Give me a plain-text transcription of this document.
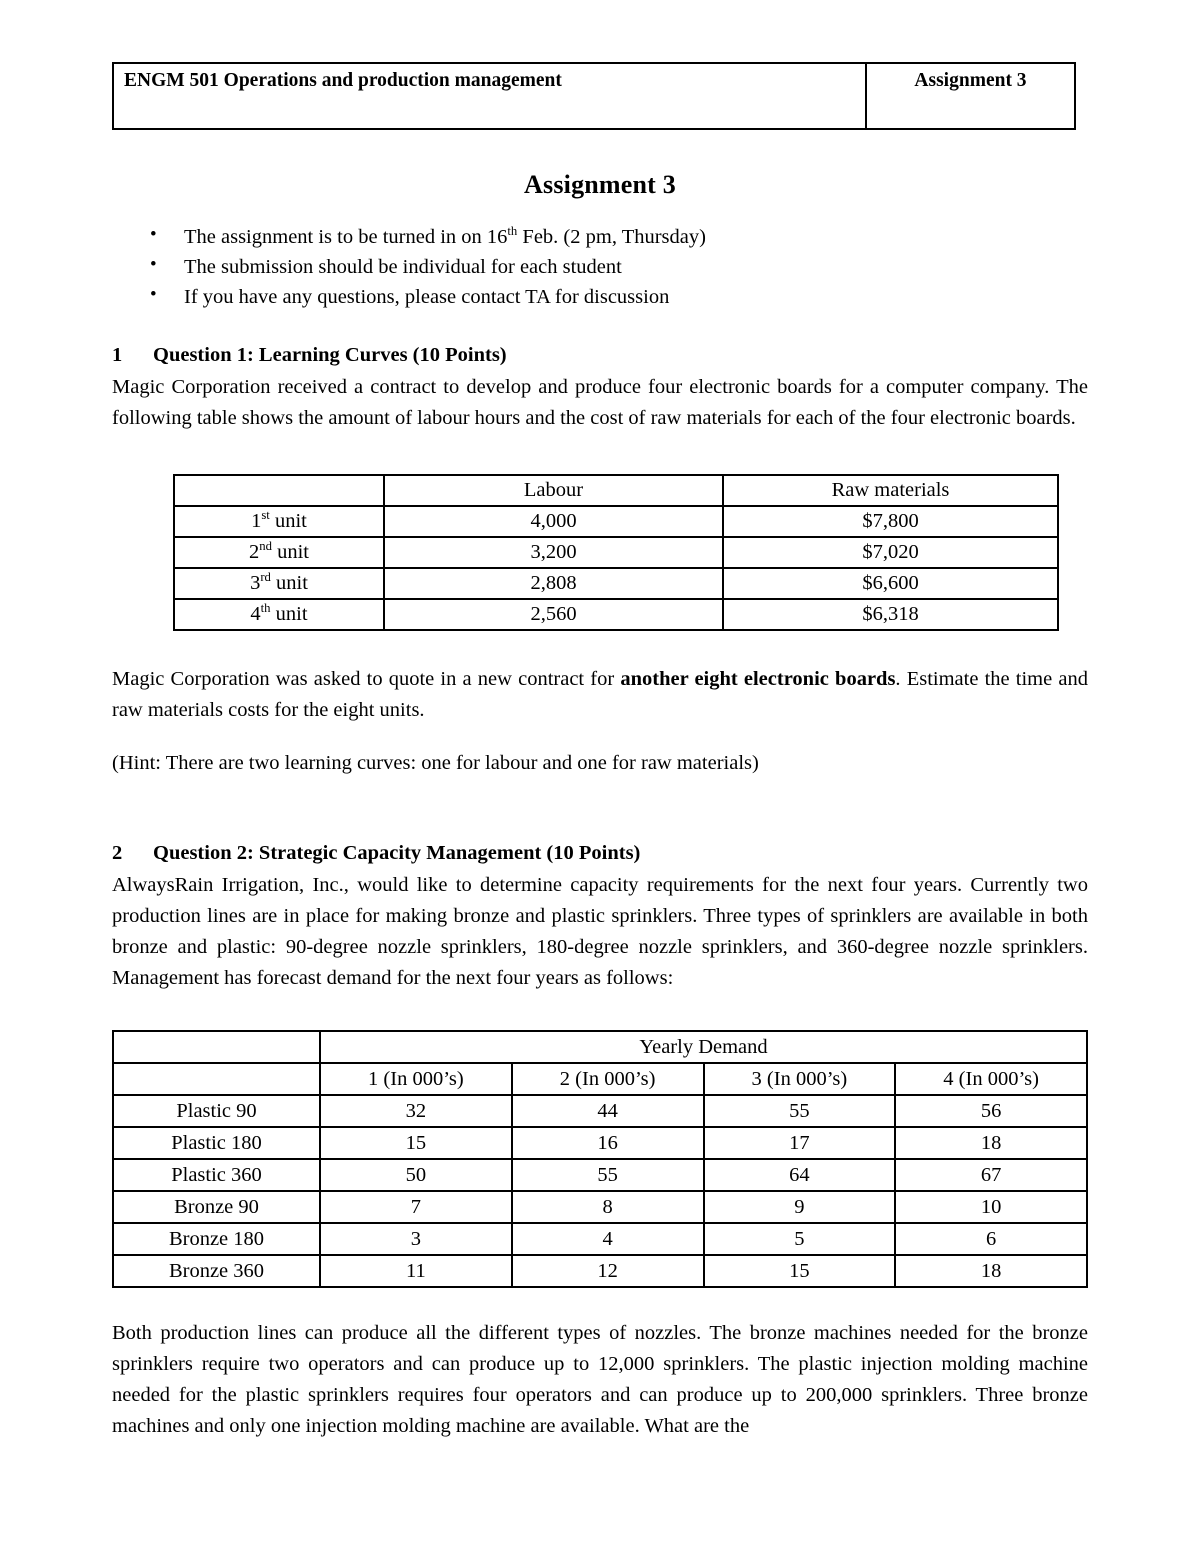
ENGM 501 Operations and production management	Assignment 3
Assignment 3
• The assignment is to be turned in on 16th Feb. (2 pm, Thursday)
• The submission should be individual for each student
• If you have any questions, please contact TA for discussion
1 Question 1: Learning Curves (10 Points)

Magic Corporation received a contract to develop and produce four electronic boards for a computer company. The following table shows the amount of labour hours and the cost of raw materials for each of the four electronic boards.

	Labour	Raw materials
1st unit	4,000	$7,800
2nd unit	3,200	$7,020
3rd unit	2,808	$6,600
4th unit	2,560	$6,318

Magic Corporation was asked to quote in a new contract for another eight electronic boards. Estimate the time and raw materials costs for the eight units.

(Hint: There are two learning curves: one for labour and one for raw materials)

2 Question 2: Strategic Capacity Management (10 Points)

AlwaysRain Irrigation, Inc., would like to determine capacity requirements for the next four years. Currently two production lines are in place for making bronze and plastic sprinklers. Three types of sprinklers are available in both bronze and plastic: 90-degree nozzle sprinklers, 180-degree nozzle sprinklers, and 360-degree nozzle sprinklers. Management has forecast demand for the next four years as follows:

	Yearly Demand			
	1 (In 000’s)	2 (In 000’s)	3 (In 000’s)	4 (In 000’s)
Plastic 90	32	44	55	56
Plastic 180	15	16	17	18
Plastic 360	50	55	64	67
Bronze 90	7	8	9	10
Bronze 180	3	4	5	6
Bronze 360	11	12	15	18

Both production lines can produce all the different types of nozzles. The bronze machines needed for the bronze sprinklers require two operators and can produce up to 12,000 sprinklers. The plastic injection molding machine needed for the plastic sprinklers requires four operators and can produce up to 200,000 sprinklers. Three bronze machines and only one injection molding machine are available. What are the
